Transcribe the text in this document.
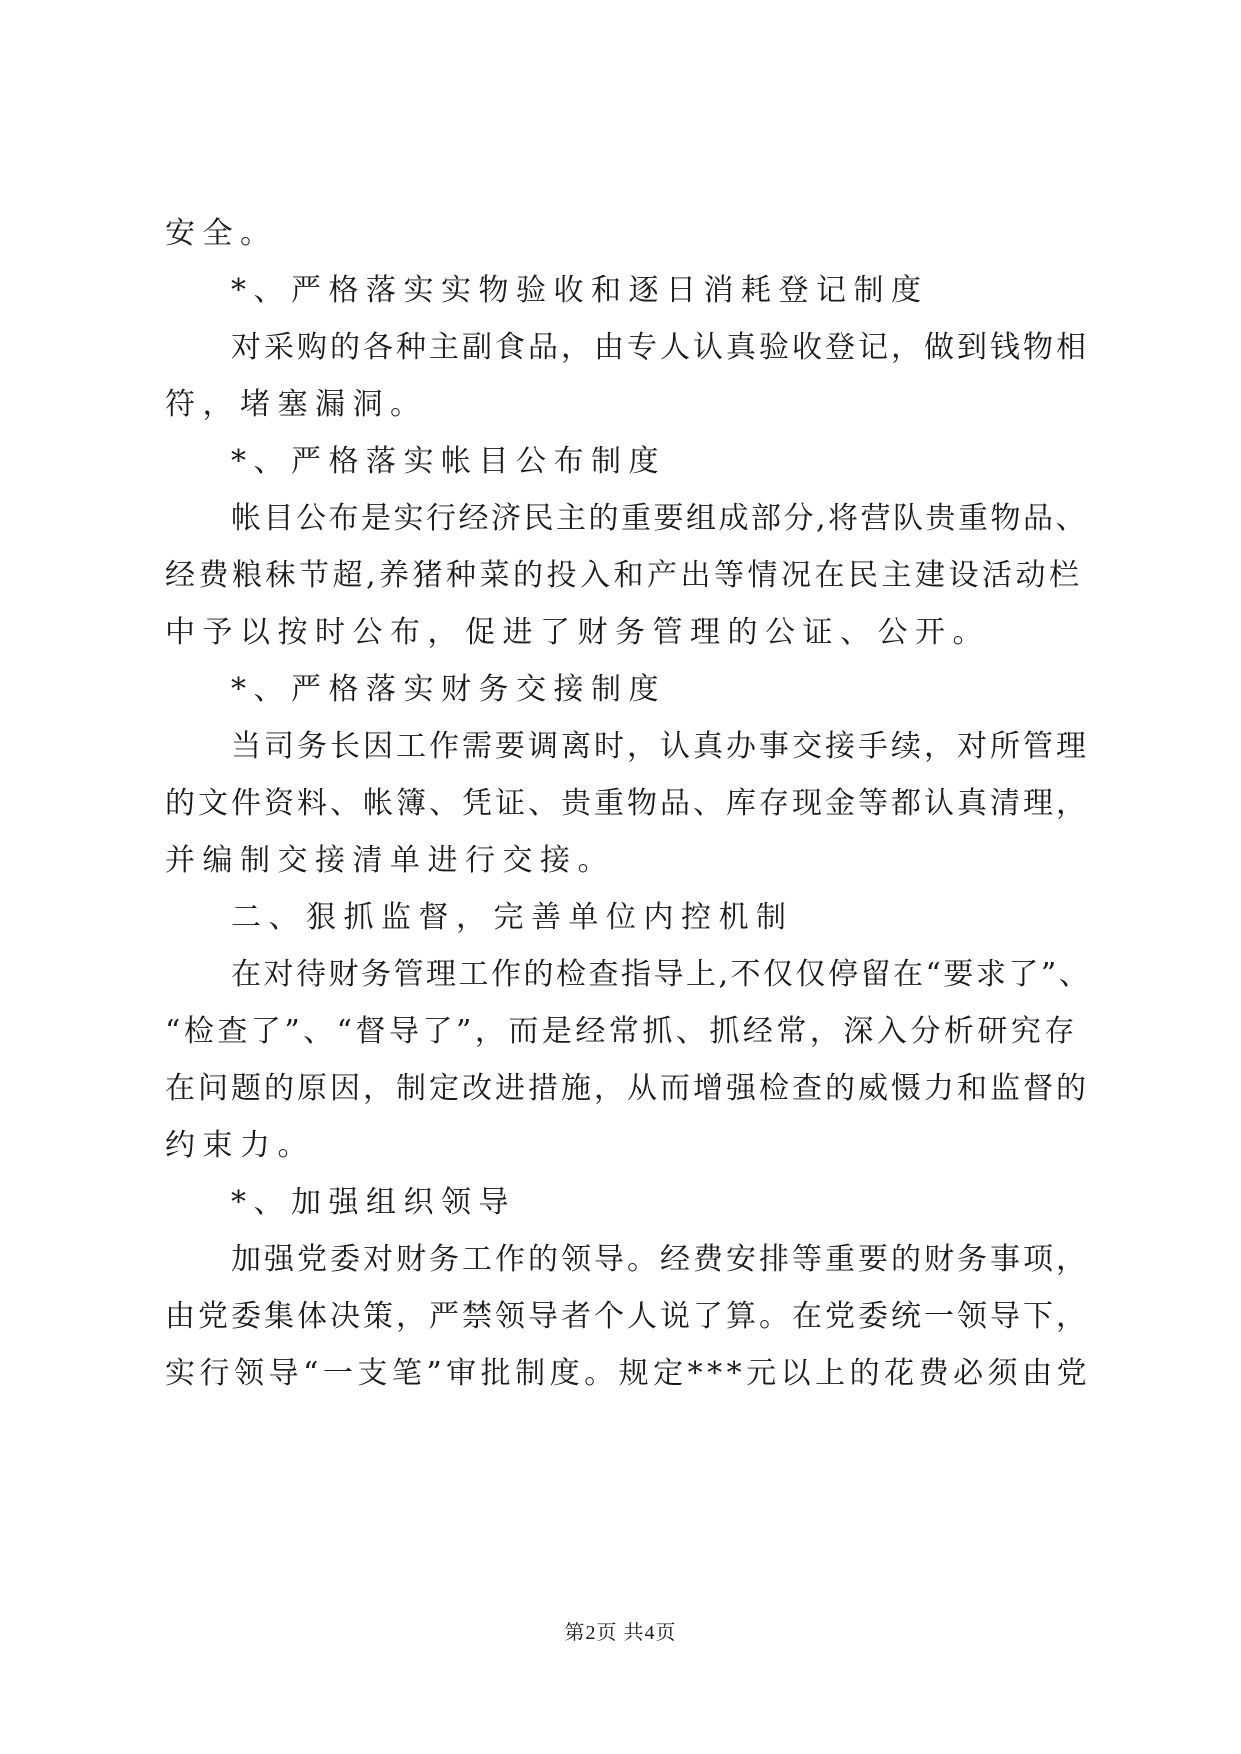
安全。
*、严格落实实物验收和逐日消耗登记制度
对采购的各种主副食品，由专人认真验收登记，做到钱物相
符，堵塞漏洞。
*、严格落实帐目公布制度
帐目公布是实行经济民主的重要组成部分,将营队贵重物品、
经费粮秣节超,养猪种菜的投入和产出等情况在民主建设活动栏
中予以按时公布，促进了财务管理的公证、公开。
*、严格落实财务交接制度
当司务长因工作需要调离时，认真办事交接手续，对所管理
的文件资料、帐簿、凭证、贵重物品、库存现金等都认真清理，
并编制交接清单进行交接。
二、狠抓监督，完善单位内控机制
在对待财务管理工作的检查指导上,不仅仅停留在“要求了”、
“检查了”、“督导了”，而是经常抓、抓经常，深入分析研究存
在问题的原因，制定改进措施，从而增强检查的威慑力和监督的
约束力。
*、加强组织领导
加强党委对财务工作的领导。经费安排等重要的财务事项，
由党委集体决策，严禁领导者个人说了算。在党委统一领导下，
实行领导“一支笔”审批制度。规定***元以上的花费必须由党
第2页 共4页
